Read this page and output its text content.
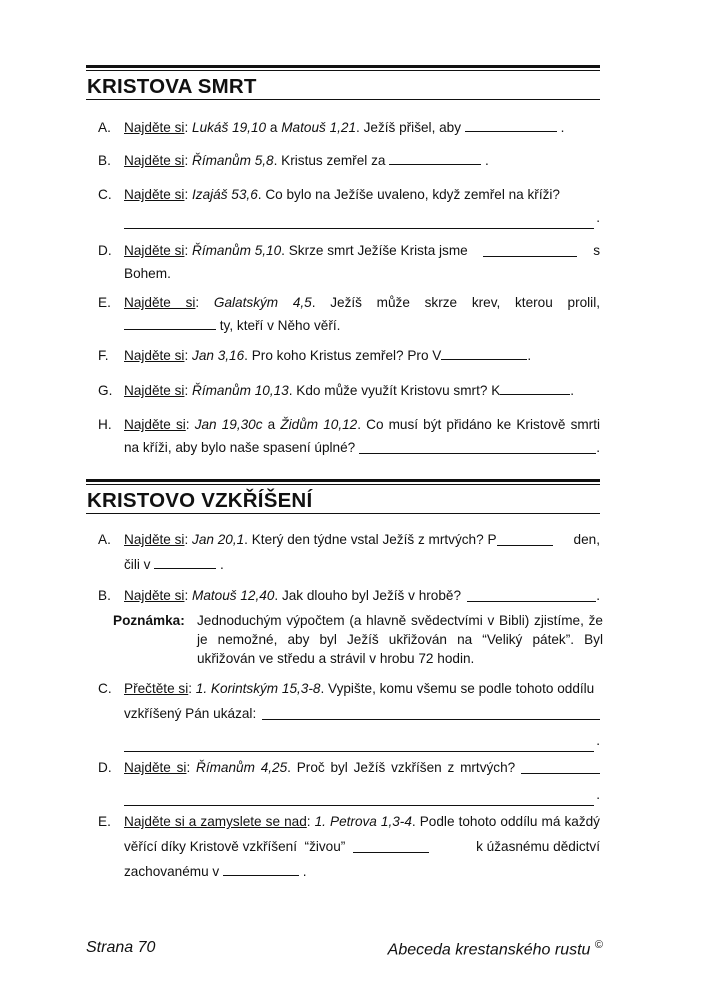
KRISTOVA SMRT
A. Najděte si: Lukáš 19,10 a Matouš 1,21. Ježíš přišel, aby	.
B. Najděte si: Římanům 5,8. Kristus zemřel za	.
C. Najděte si: Izajáš 53,6. Co bylo na Ježíše uvaleno, když zemřel na kříži?
.
D. Najděte si: Římanům 5,10. Skrze smrt Ježíše Krista jsme	s
Bohem.
E. Najděte si: Galatským 4,5. Ježíš může skrze krev, kterou prolil,
ty, kteří v Něho věří.
F. Najděte si: Jan 3,16. Pro koho Kristus zemřel? Pro V	.
G. Najděte si: Římanům 10,13. Kdo může využít Kristovu smrt? K	.
H. Najděte si: Jan 19,30c a Židům 10,12. Co musí být přidáno ke Kristově smrti
na kříži, aby bylo naše spasení úplné?	.
KRISTOVO VZKŘÍŠENÍ
A. Najděte si: Jan 20,1. Který den týdne vstal Ježíš z mrtvých? P	den,
čili v	.
B. Najděte si: Matouš 12,40. Jak dlouho byl Ježíš v hrobě?	.
Poznámka: Jednoduchým výpočtem (a hlavně svědectvími v Bibli) zjistíme, že je nemožné, aby byl Ježíš ukřižován na “Veliký pátek”. Byl ukřižován ve středu a strávil v hrobu 72 hodin.
C. Přečtěte si: 1. Korintským 15,3-8. Vypište, komu všemu se podle tohoto oddílu
vzkříšený Pán ukázal:
.
D. Najděte si: Římanům 4,25. Proč byl Ježíš vzkříšen z mrtvých?
.
E. Najděte si a zamyslete se nad: 1. Petrova 1,3-4. Podle tohoto oddílu má každý
věřící díky Kristově vzkříšení  “živou”	k úžasnému dědictví
zachovanému v	.
Strana 70	Abeceda krestanského rustu ©
